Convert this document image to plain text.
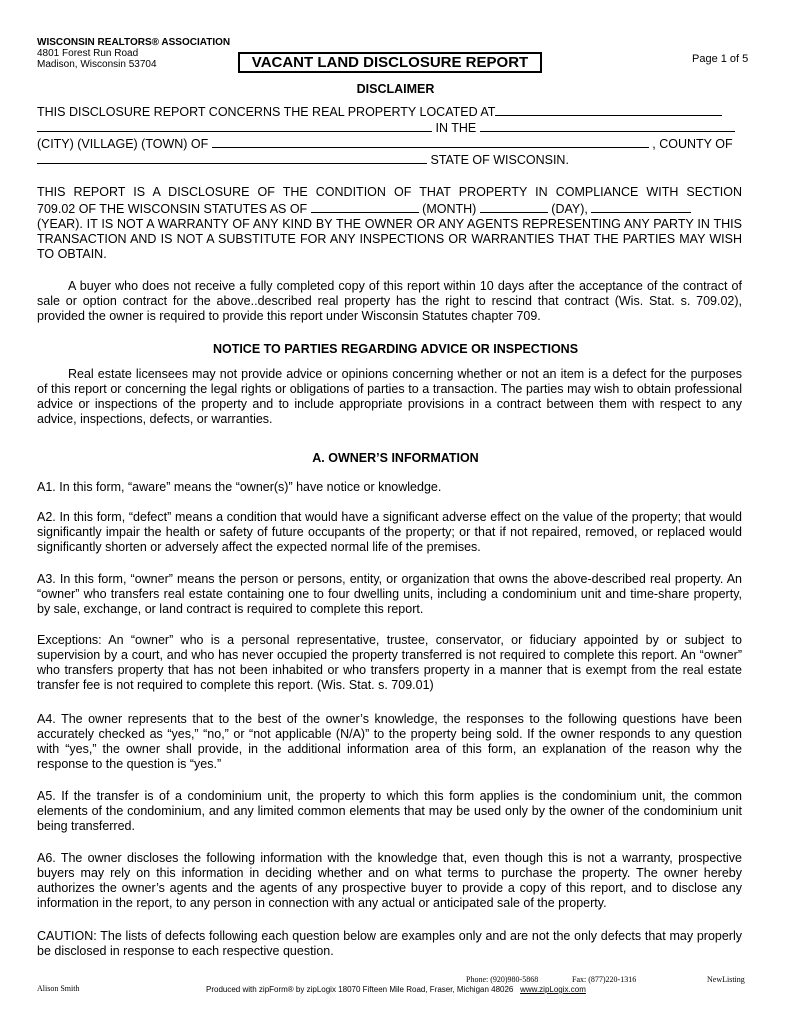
WISCONSIN REALTORS® ASSOCIATION
4801 Forest Run Road
Madison, Wisconsin 53704	VACANT LAND DISCLOSURE REPORT	Page 1 of 5
DISCLAIMER
THIS DISCLOSURE REPORT CONCERNS THE REAL PROPERTY LOCATED AT
IN THE
(CITY) (VILLAGE) (TOWN) OF	, COUNTY OF
STATE OF WISCONSIN.
THIS REPORT IS A DISCLOSURE OF THE CONDITION OF THAT PROPERTY IN COMPLIANCE WITH SECTION
709.02 OF THE WISCONSIN STATUTES AS OF	(MONTH)	(DAY),
(YEAR). IT IS NOT A WARRANTY OF ANY KIND BY THE OWNER OR ANY AGENTS REPRESENTING ANY PARTY IN THIS TRANSACTION AND IS NOT A SUBSTITUTE FOR ANY INSPECTIONS OR WARRANTIES THAT THE PARTIES MAY WISH TO OBTAIN.
A buyer who does not receive a fully completed copy of this report within 10 days after the acceptance of the contract of sale or option contract for the above..described real property has the right to rescind that contract (Wis. Stat. s. 709.02), provided the owner is required to provide this report under Wisconsin Statutes chapter 709.
NOTICE TO PARTIES REGARDING ADVICE OR INSPECTIONS
Real estate licensees may not provide advice or opinions concerning whether or not an item is a defect for the purposes of this report or concerning the legal rights or obligations of parties to a transaction. The parties may wish to obtain professional advice or inspections of the property and to include appropriate provisions in a contract between them with respect to any advice, inspections, defects, or warranties.
A. OWNER’S INFORMATION
A1. In this form, “aware” means the “owner(s)” have notice or knowledge.
A2. In this form, “defect” means a condition that would have a significant adverse effect on the value of the property; that would significantly impair the health or safety of future occupants of the property; or that if not repaired, removed, or replaced would significantly shorten or adversely affect the expected normal life of the premises.
A3. In this form, “owner” means the person or persons, entity, or organization that owns the above-described real property. An “owner” who transfers real estate containing one to four dwelling units, including a condominium unit and time-share property, by sale, exchange, or land contract is required to complete this report.
Exceptions: An “owner” who is a personal representative, trustee, conservator, or fiduciary appointed by or subject to supervision by a court, and who has never occupied the property transferred is not required to complete this report. An “owner” who transfers property that has not been inhabited or who transfers property in a manner that is exempt from the real estate transfer fee is not required to complete this report. (Wis. Stat. s. 709.01)
A4. The owner represents that to the best of the owner’s knowledge, the responses to the following questions have been accurately checked as “yes,” “no,” or “not applicable (N/A)” to the property being sold. If the owner responds to any question with “yes,” the owner shall provide, in the additional information area of this form, an explanation of the reason why the response to the question is “yes.”
A5. If the transfer is of a condominium unit, the property to which this form applies is the condominium unit, the common elements of the condominium, and any limited common elements that may be used only by the owner of the condominium unit being transferred.
A6. The owner discloses the following information with the knowledge that, even though this is not a warranty, prospective buyers may rely on this information in deciding whether and on what terms to purchase the property. The owner hereby authorizes the owner’s agents and the agents of any prospective buyer to provide a copy of this report, and to disclose any information in the report, to any person in connection with any actual or anticipated sale of the property.
CAUTION: The lists of defects following each question below are examples only and are not the only defects that may properly be disclosed in response to each respective question.
Phone: (920)980-5868	Fax: (877)220-1316	NewListing
Alison Smith	Produced with zipForm® by zipLogix 18070 Fifteen Mile Road, Fraser, Michigan 48026 www.zipLogix.com
